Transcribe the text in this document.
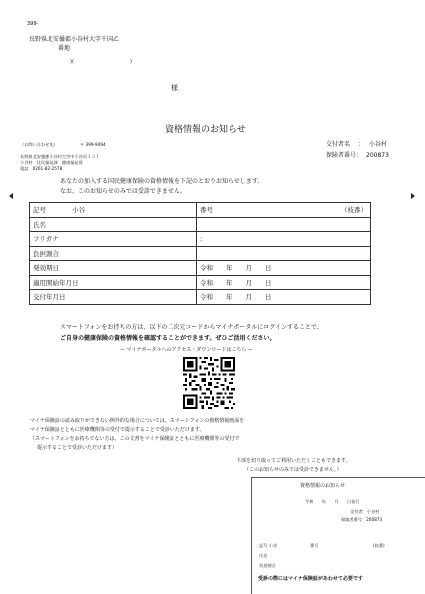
399-
長野県北安曇郡小谷村大字千国乙
番地
)(	)
様
資格情報のお知らせ
交付者名 ： 小谷村
保険者番号： 200873
（お問い合わせ先）	〒 399-9494
長野県北安曇郡小谷村大字中小谷丙１３１
小谷村　住民福祉課　健康福祉係
電話　0261-82-2578
あなたの加入する国民健康保険の資格情報を下記のとおりお知らせします。
なお、このお知らせのみでは受診できません。
記号 小谷	番号 （枝番）

氏名	
フリガナ	:
負担割合	
発効期日	令和　　年　　月　　日
適用開始年月日	令和　　年　　月　　日
交付年月日	令和　　年　　月　　日
スマートフォンをお持ちの方は、以下の二次元コードからマイナポータルにログインすることで、
ご自身の健康保険の資格情報を確認することができます。ぜひご活用ください。
ー マイナポータルへのアクセス・ダウンロードはこちら ー
マイナ保険証の読み取りができない例外的な場合については、スマートフォンの資格情報画面を
マイナ保険証とともに医療機関等の受付で提示することで受診いただけます。
（スマートフォンをお持ちでない方は、この文書をマイナ保険証とともに医療機関等の受付で
提示することで受診いただけます）
下部を切り取ってご利用いただくこともできます。
（このお知らせのみでは受診できません。）
資格情報のお知らせ
令和　　年　　月　　日発行
交付者：小谷村
保険者番号：200873
記号 小谷	番号	(枝番)
氏名
負担割合
受診の際にはマイナ保険証があわせて必要です
